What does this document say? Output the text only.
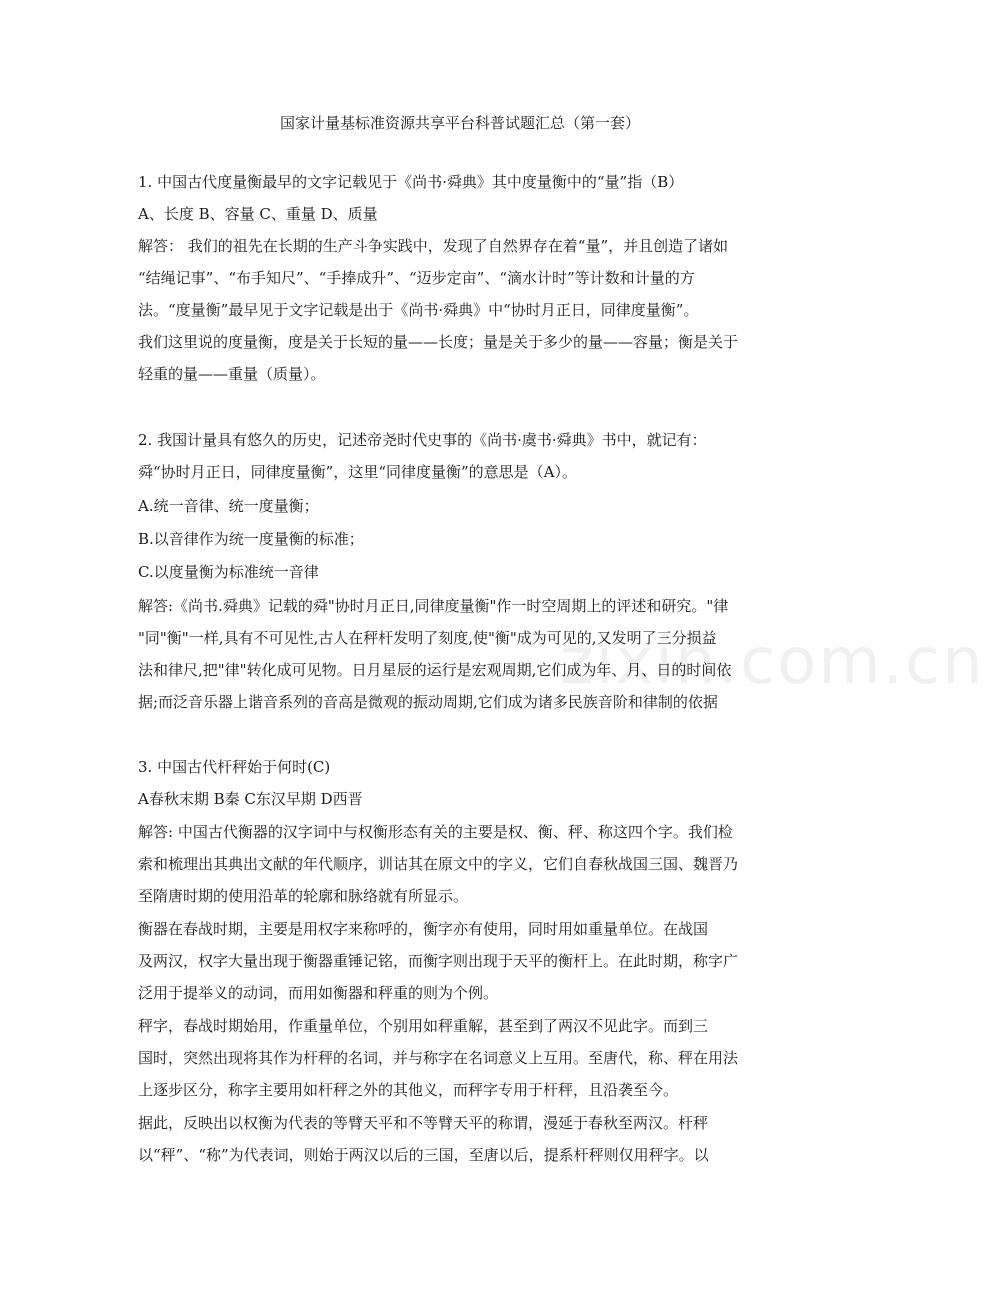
国家计量基标准资源共享平台科普试题汇总（第一套）
1. 中国古代度量衡最早的文字记载见于《尚书·舜典》其中度量衡中的“量”指（B）
A、长度 B、容量 C、重量 D、质量
解答： 我们的祖先在长期的生产斗争实践中，发现了自然界存在着“量”，并且创造了诸如
“结绳记事”、“布手知尺”、“手捧成升”、“迈步定亩”、“滴水计时”等计数和计量的方
法。“度量衡”最早见于文字记载是出于《尚书·舜典》中“协时月正日，同律度量衡”。
我们这里说的度量衡，度是关于长短的量——长度；量是关于多少的量——容量；衡是关于
轻重的量——重量（质量）。
2. 我国计量具有悠久的历史，记述帝尧时代史事的《尚书·虞书·舜典》书中，就记有：
舜“协时月正日，同律度量衡”，这里“同律度量衡”的意思是（A）。
A.统一音律、统一度量衡；
B.以音律作为统一度量衡的标准；
C.以度量衡为标准统一音律
解答:《尚书.舜典》记载的舜"协时月正日,同律度量衡"作一时空周期上的评述和研究。"律
"同"衡"一样,具有不可见性,古人在秤杆发明了刻度,使"衡"成为可见的,又发明了三分损益
法和律尺,把"律"转化成可见物。日月星辰的运行是宏观周期,它们成为年、月、日的时间依
据;而泛音乐器上谐音系列的音高是微观的振动周期,它们成为诸多民族音阶和律制的依据
3. 中国古代杆秤始于何时(C)
A春秋末期 B秦 C东汉早期 D西晋
解答: 中国古代衡器的汉字词中与权衡形态有关的主要是权、衡、秤、称这四个字。我们检
索和梳理出其典出文献的年代顺序，训诂其在原文中的字义，它们自春秋战国三国、魏晋乃
至隋唐时期的使用沿革的轮廓和脉络就有所显示。
衡器在春战时期，主要是用权字来称呼的，衡字亦有使用，同时用如重量单位。在战国
及两汉，权字大量出现于衡器重锤记铭，而衡字则出现于天平的衡杆上。在此时期，称字广
泛用于提举义的动词，而用如衡器和秤重的则为个例。
秤字，春战时期始用，作重量单位，个别用如秤重解，甚至到了两汉不见此字。而到三
国时，突然出现将其作为杆秤的名词，并与称字在名词意义上互用。至唐代，称、秤在用法
上逐步区分，称字主要用如杆秤之外的其他义，而秤字专用于杆秤，且沿袭至今。
据此，反映出以权衡为代表的等臂天平和不等臂天平的称谓，漫延于春秋至两汉。杆秤
以“秤”、“称”为代表词，则始于两汉以后的三国，至唐以后，提系杆秤则仅用秤字。以
zixin.com.cn
